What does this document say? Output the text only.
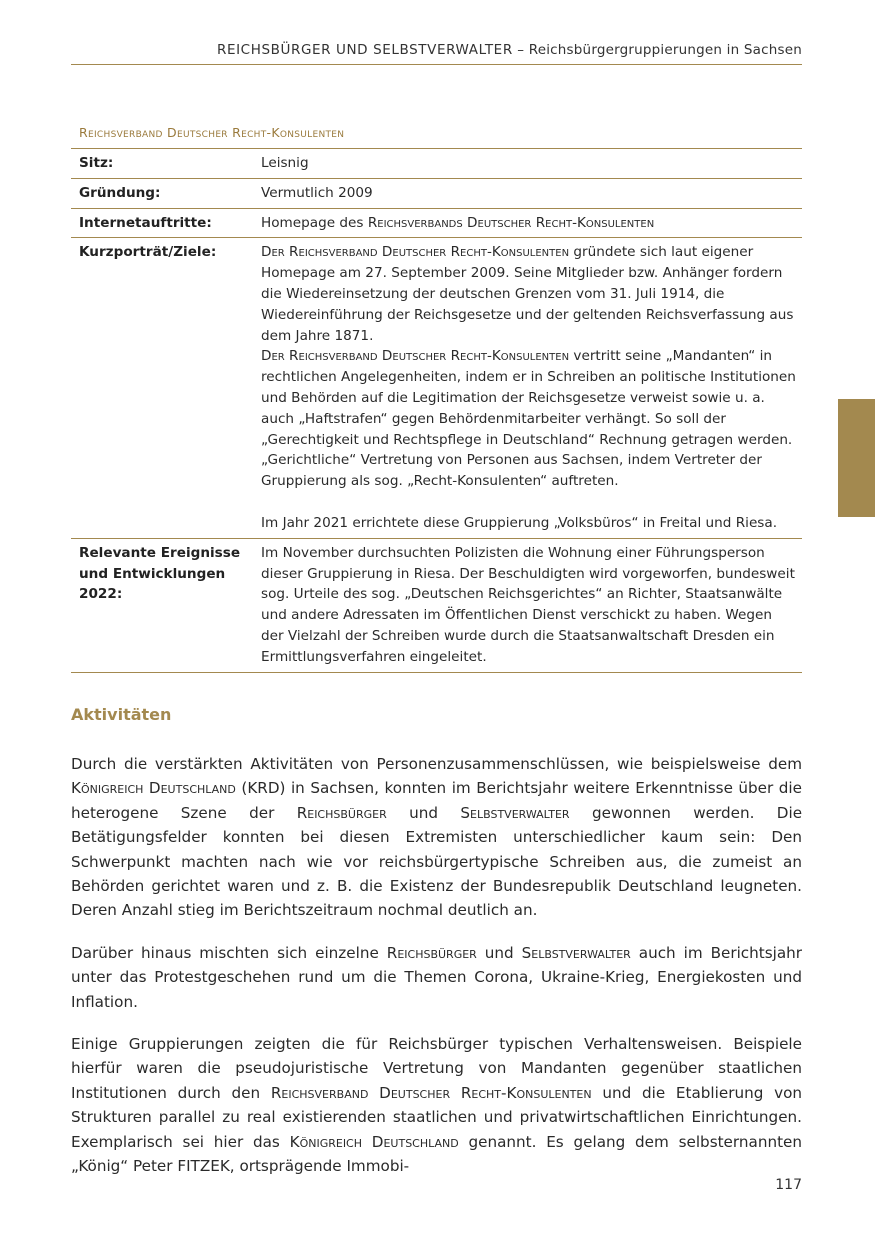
REICHSBÜRGER UND SELBSTVERWALTER – Reichsbürgergruppierungen in Sachsen
Reichsverband Deutscher Recht-Konsulenten
Sitz:	Leisnig
Gründung:	Vermutlich 2009
Internetauftritte:	Homepage des Reichsverbands Deutscher Recht-Konsulenten
Kurzporträt/Ziele:	Der Reichsverband Deutscher Recht-Konsulenten gründete sich laut eigener Homepage am 27. September 2009. Seine Mitglieder bzw. Anhänger fordern die Wiedereinsetzung der deutschen Grenzen vom 31. Juli 1914, die Wiedereinführung der Reichsgesetze und der geltenden Reichsverfassung aus dem Jahre 1871.
Der Reichsverband Deutscher Recht-Konsulenten vertritt seine „Mandanten“ in rechtlichen Angelegenheiten, indem er in Schreiben an politische Institutionen und Behörden auf die Legitimation der Reichsgesetze verweist sowie u. a. auch „Haftstrafen“ gegen Behördenmitarbeiter verhängt. So soll der „Gerechtigkeit und Rechtspflege in Deutschland“ Rechnung getragen werden.
„Gerichtliche“ Vertretung von Personen aus Sachsen, indem Vertreter der Gruppierung als sog. „Recht-Konsulenten“ auftreten.
Im Jahr 2021 errichtete diese Gruppierung „Volksbüros“ in Freital und Riesa.

Relevante Ereignisse und Entwicklungen 2022:	Im November durchsuchten Polizisten die Wohnung einer Führungsperson dieser Gruppierung in Riesa. Der Beschuldigten wird vorgeworfen, bundesweit sog. Urteile des sog. „Deutschen Reichsgerichtes“ an Richter, Staatsanwälte und andere Adressaten im Öffentlichen Dienst verschickt zu haben. Wegen der Vielzahl der Schreiben wurde durch die Staatsanwaltschaft Dresden ein Ermittlungsverfahren eingeleitet.
Aktivitäten

Durch die verstärkten Aktivitäten von Personenzusammenschlüssen, wie beispielsweise dem Königreich Deutschland (KRD) in Sachsen, konnten im Berichtsjahr weitere Erkenntnisse über die heterogene Szene der Reichsbürger und Selbstverwalter gewonnen werden. Die Betätigungsfelder konnten bei diesen Extremisten unterschiedlicher kaum sein: Den Schwerpunkt machten nach wie vor reichsbürgertypische Schreiben aus, die zumeist an Behörden gerichtet waren und z. B. die Existenz der Bundesrepublik Deutschland leugneten. Deren Anzahl stieg im Berichtszeitraum nochmal deutlich an.

Darüber hinaus mischten sich einzelne Reichsbürger und Selbstverwalter auch im Berichtsjahr unter das Protestgeschehen rund um die Themen Corona, Ukraine-Krieg, Energiekosten und Inflation.

Einige Gruppierungen zeigten die für Reichsbürger typischen Verhaltensweisen. Beispiele hierfür waren die pseudojuristische Vertretung von Mandanten gegenüber staatlichen Institutionen durch den Reichsverband Deutscher Recht-Konsulenten und die Etablierung von Strukturen parallel zu real existierenden staatlichen und privatwirtschaftlichen Einrichtungen. Exemplarisch sei hier das Königreich Deutschland genannt. Es gelang dem selbsternannten „König“ Peter FITZEK, ortsprägende Immobi-

117
